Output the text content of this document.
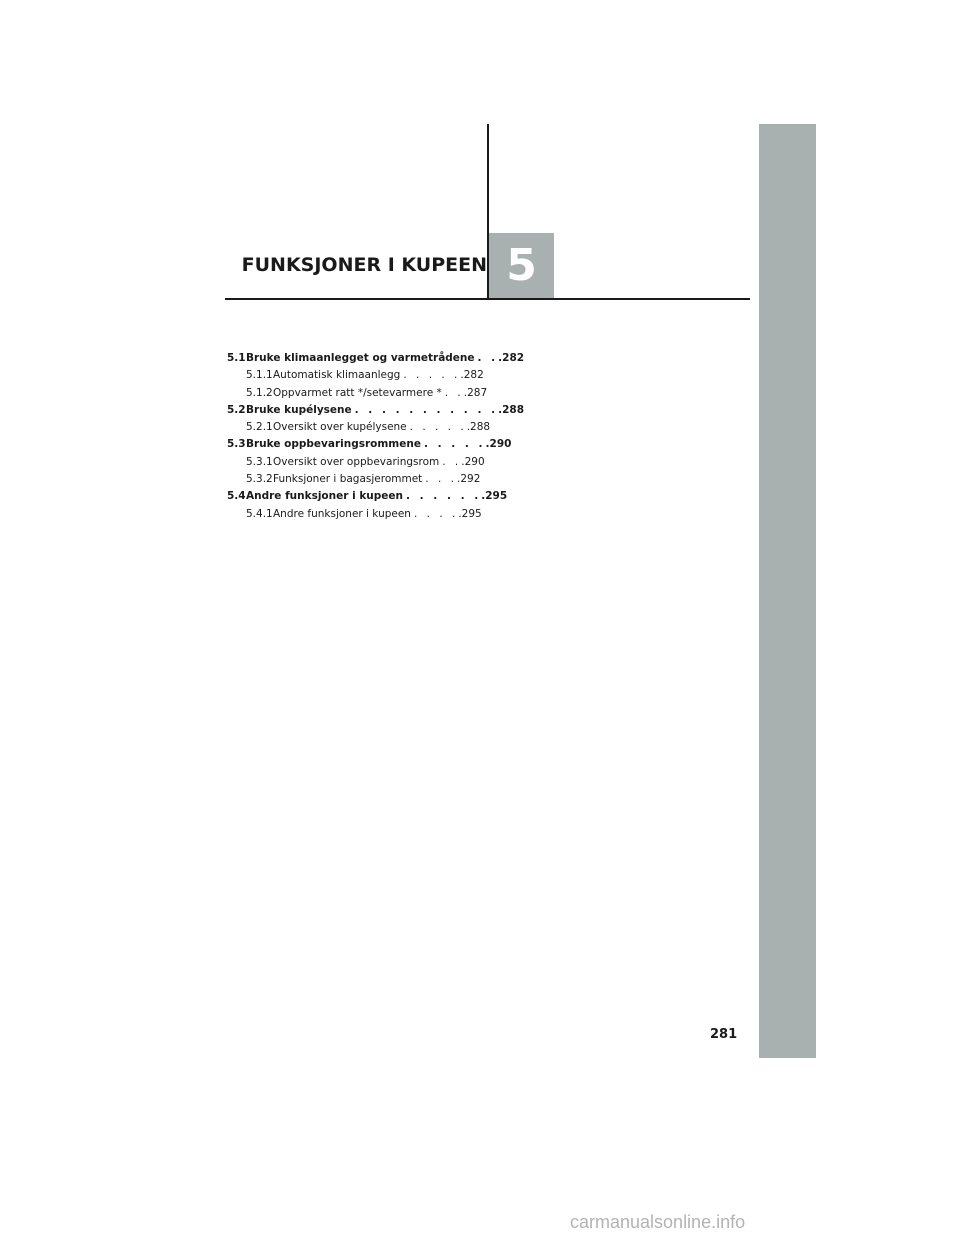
FUNKSJONER I KUPEEN 5
5.1 Bruke klimaanlegget og varmetrådene . . .282
5.1.1 Automatisk klimaanlegg . . . . . .282
5.1.2 Oppvarmet ratt */setevarmere * . . .287
5.2 Bruke kupélysene . . . . . . . . . . . .288
5.2.1 Oversikt over kupélysene . . . . . .288
5.3 Bruke oppbevaringsrommene . . . . . .290
5.3.1 Oversikt over oppbevaringsrom . . .290
5.3.2 Funksjoner i bagasjerommet . . . .292
5.4 Andre funksjoner i kupeen . . . . . . .295
5.4.1 Andre funksjoner i kupeen . . . . .295
281
carmanualsonline.info
